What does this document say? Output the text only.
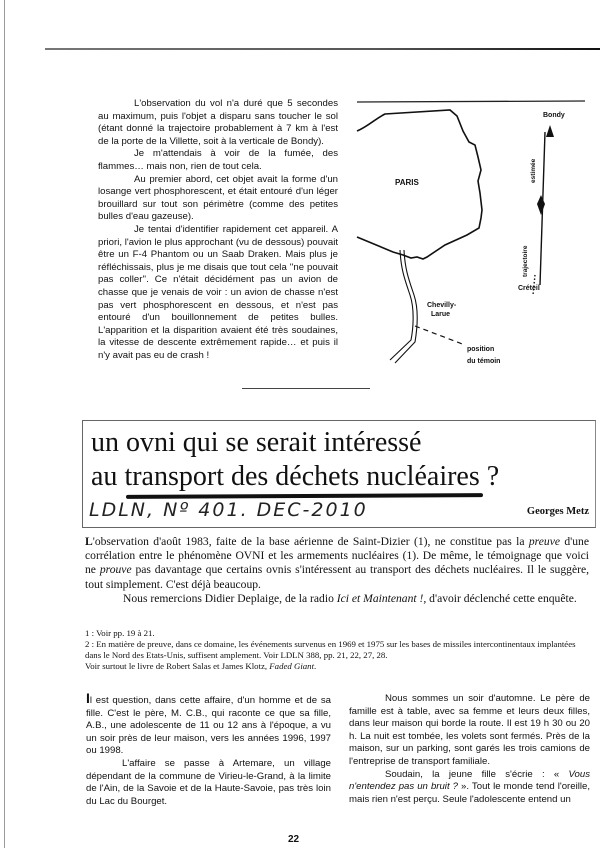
L'observation du vol n'a duré que 5 secondes au maximum, puis l'objet a disparu sans toucher le sol (étant donné la trajectoire probablement à 7 km à l'est de la porte de la Villette, soit à la verticale de Bondy).

Je m'attendais à voir de la fumée, des flammes… mais non, rien de tout cela.

Au premier abord, cet objet avait la forme d'un losange vert phosphorescent, et était entouré d'un léger brouillard sur tout son périmètre (comme des petites bulles d'eau gazeuse).

Je tentai d'identifier rapidement cet appareil. A priori, l'avion le plus approchant (vu de dessous) pouvait être un F-4 Phantom ou un Saab Draken. Mais plus je réfléchissais, plus je me disais que tout cela ''ne pouvait pas coller''. Ce n'était décidément pas un avion de chasse que je venais de voir : un avion de chasse n'est pas vert phosphorescent en dessous, et n'est pas entouré d'un bouillonnement de petites bulles. L'apparition et la disparition avaient été très soudaines, la vitesse de descente extrêmement rapide… et puis il n'y avait pas eu de crash !

PARIS
Bondy
estimée
trajectoire
Créteil
Chevilly-
Larue
position
du témoin
un ovni qui se serait intéressé
au transport des déchets nucléaires ?
LDLN, Nº 401. DEC-2010	Georges Metz

L'observation d'août 1983, faite de la base aérienne de Saint-Dizier (1), ne constitue pas la preuve d'une corrélation entre le phénomène OVNI et les armements nucléaires (1). De même, le témoignage que voici ne prouve pas davantage que certains ovnis s'intéressent au transport des déchets nucléaires. Il le suggère, tout simplement. C'est déjà beaucoup.

Nous remercions Didier Deplaige, de la radio Ici et Maintenant !, d'avoir déclenché cette enquête.

1 : Voir pp. 19 à 21.

2 : En matière de preuve, dans ce domaine, les événements survenus en 1969 et 1975 sur les bases de missiles intercontinentaux implantées dans le Nord des Etats-Unis, suffisent amplement. Voir LDLN 388, pp. 21, 22, 27, 28.
Voir surtout le livre de Robert Salas et James Klotz, Faded Giant.

Il est question, dans cette affaire, d'un homme et de sa fille. C'est le père, M. C.B., qui raconte ce que sa fille, A.B., une adolescente de 11 ou 12 ans à l'époque, a vu un soir près de leur maison, vers les années 1996, 1997 ou 1998.

L'affaire se passe à Artemare, un village dépendant de la commune de Virieu-le-Grand, à la limite de l'Ain, de la Savoie et de la Haute-Savoie, pas très loin du Lac du Bourget.

Nous sommes un soir d'automne. Le père de famille est à table, avec sa femme et leurs deux filles, dans leur maison qui borde la route. Il est 19 h 30 ou 20 h. La nuit est tombée, les volets sont fermés. Près de la maison, sur un parking, sont garés les trois camions de l'entreprise de transport familiale.

Soudain, la jeune fille s'écrie : « Vous n'entendez pas un bruit ? ». Tout le monde tend l'oreille, mais rien n'est perçu. Seule l'adolescente entend un

22
